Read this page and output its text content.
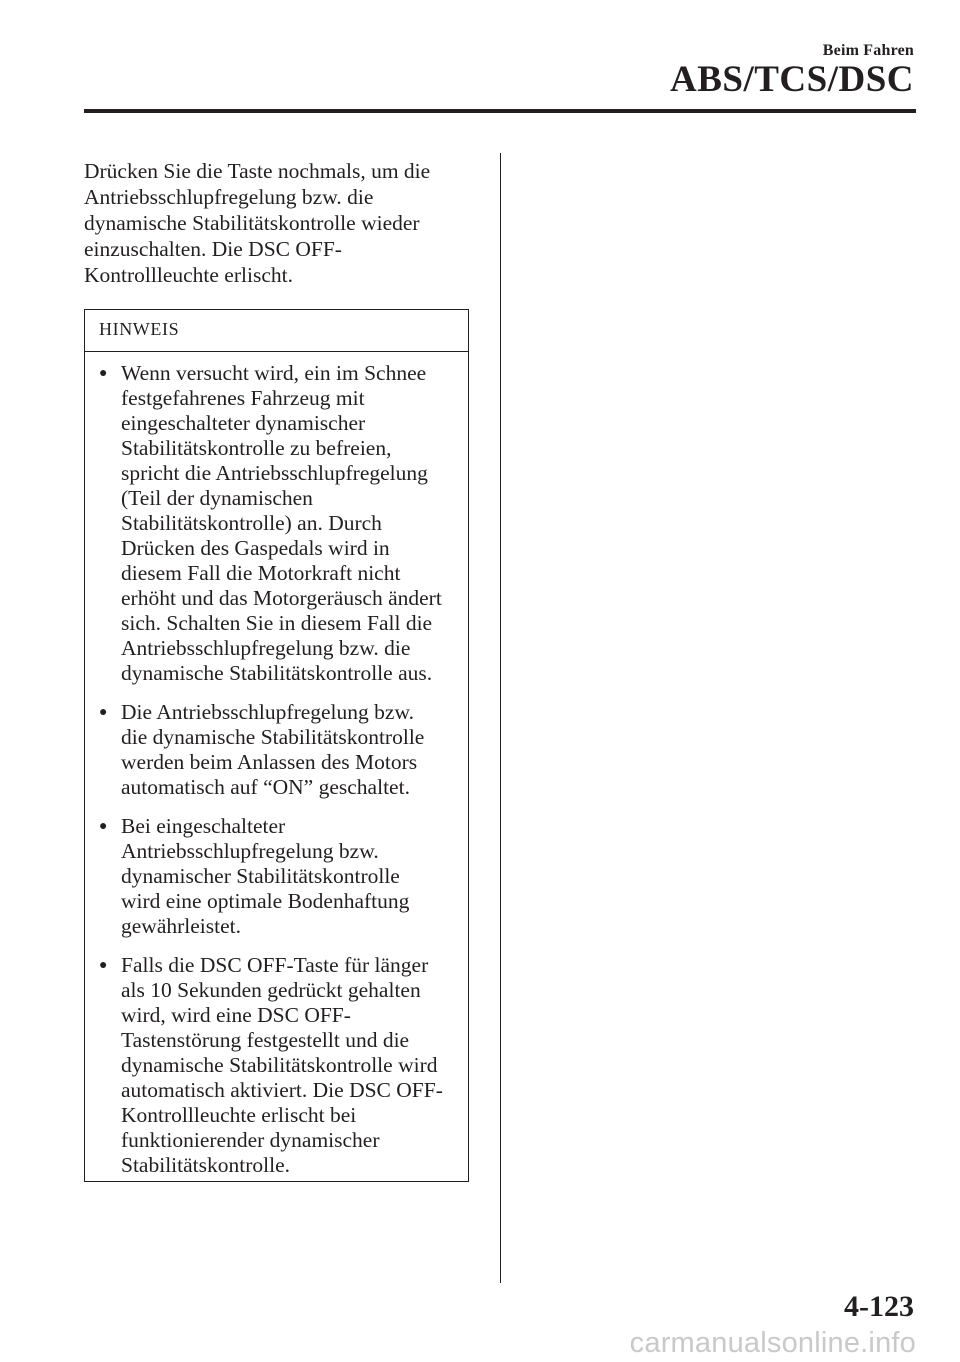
Beim Fahren
ABS/TCS/DSC

Drücken Sie die Taste nochmals, um die

Antriebsschlupfregelung bzw. die

dynamische Stabilitätskontrolle wieder

einzuschalten. Die DSC OFF-

Kontrollleuchte erlischt.

HINWEIS
● Wenn versucht wird, ein im Schnee
festgefahrenes Fahrzeug mit
eingeschalteter dynamischer
Stabilitätskontrolle zu befreien,
spricht die Antriebsschlupfregelung
(Teil der dynamischen
Stabilitätskontrolle) an. Durch
Drücken des Gaspedals wird in
diesem Fall die Motorkraft nicht
erhöht und das Motorgeräusch ändert
sich. Schalten Sie in diesem Fall die
Antriebsschlupfregelung bzw. die
dynamische Stabilitätskontrolle aus.
● Die Antriebsschlupfregelung bzw.
die dynamische Stabilitätskontrolle
werden beim Anlassen des Motors
automatisch auf “ON” geschaltet.
● Bei eingeschalteter
Antriebsschlupfregelung bzw.
dynamischer Stabilitätskontrolle
wird eine optimale Bodenhaftung
gewährleistet.
● Falls die DSC OFF-Taste für länger
als 10 Sekunden gedrückt gehalten
wird, wird eine DSC OFF-
Tastenstörung festgestellt und die
dynamische Stabilitätskontrolle wird
automatisch aktiviert. Die DSC OFF-
Kontrollleuchte erlischt bei
funktionierender dynamischer
Stabilitätskontrolle.
4-123
carmanualsonline.info
